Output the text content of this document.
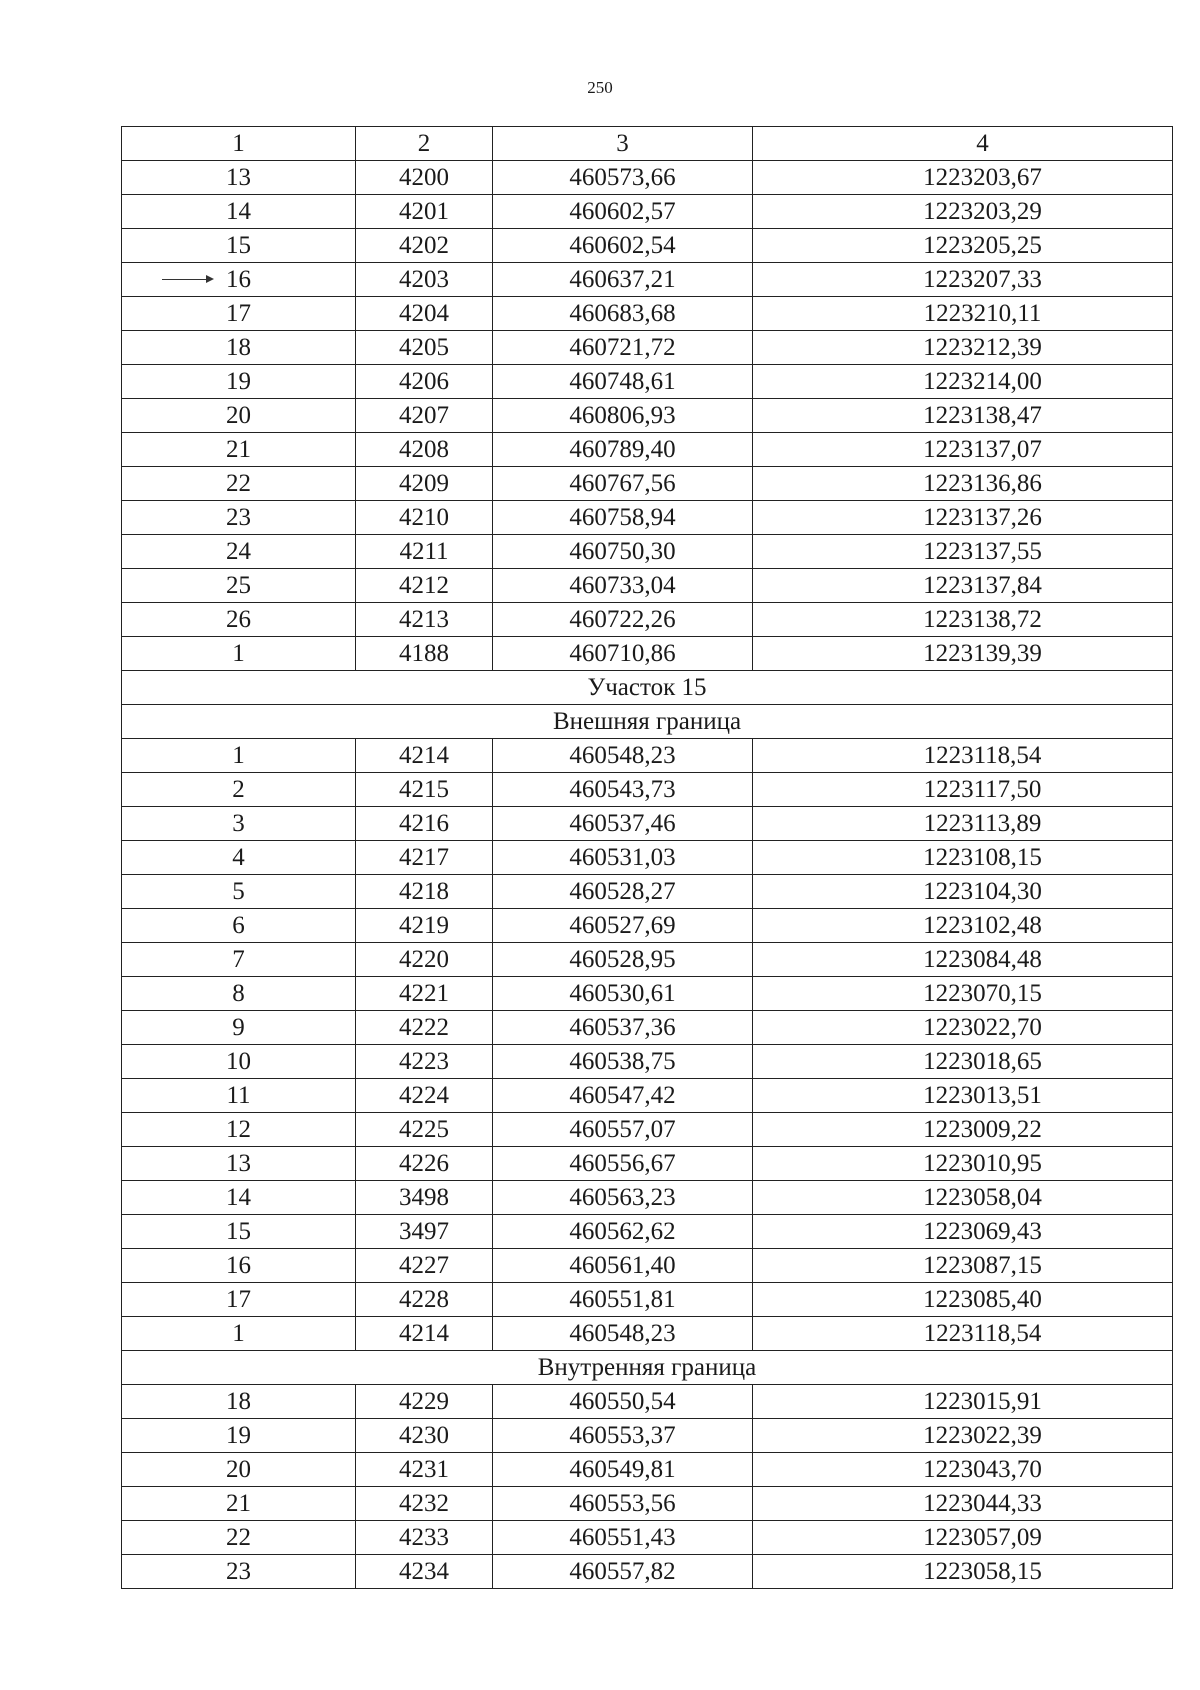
250
1	2	3	4
13	4200	460573,66	1223203,67
14	4201	460602,57	1223203,29
15	4202	460602,54	1223205,25
16	4203	460637,21	1223207,33
17	4204	460683,68	1223210,11
18	4205	460721,72	1223212,39
19	4206	460748,61	1223214,00
20	4207	460806,93	1223138,47
21	4208	460789,40	1223137,07
22	4209	460767,56	1223136,86
23	4210	460758,94	1223137,26
24	4211	460750,30	1223137,55
25	4212	460733,04	1223137,84
26	4213	460722,26	1223138,72
1	4188	460710,86	1223139,39
Участок 15			
Внешняя граница			
1	4214	460548,23	1223118,54
2	4215	460543,73	1223117,50
3	4216	460537,46	1223113,89
4	4217	460531,03	1223108,15
5	4218	460528,27	1223104,30
6	4219	460527,69	1223102,48
7	4220	460528,95	1223084,48
8	4221	460530,61	1223070,15
9	4222	460537,36	1223022,70
10	4223	460538,75	1223018,65
11	4224	460547,42	1223013,51
12	4225	460557,07	1223009,22
13	4226	460556,67	1223010,95
14	3498	460563,23	1223058,04
15	3497	460562,62	1223069,43
16	4227	460561,40	1223087,15
17	4228	460551,81	1223085,40
1	4214	460548,23	1223118,54
Внутренняя граница			
18	4229	460550,54	1223015,91
19	4230	460553,37	1223022,39
20	4231	460549,81	1223043,70
21	4232	460553,56	1223044,33
22	4233	460551,43	1223057,09
23	4234	460557,82	1223058,15
